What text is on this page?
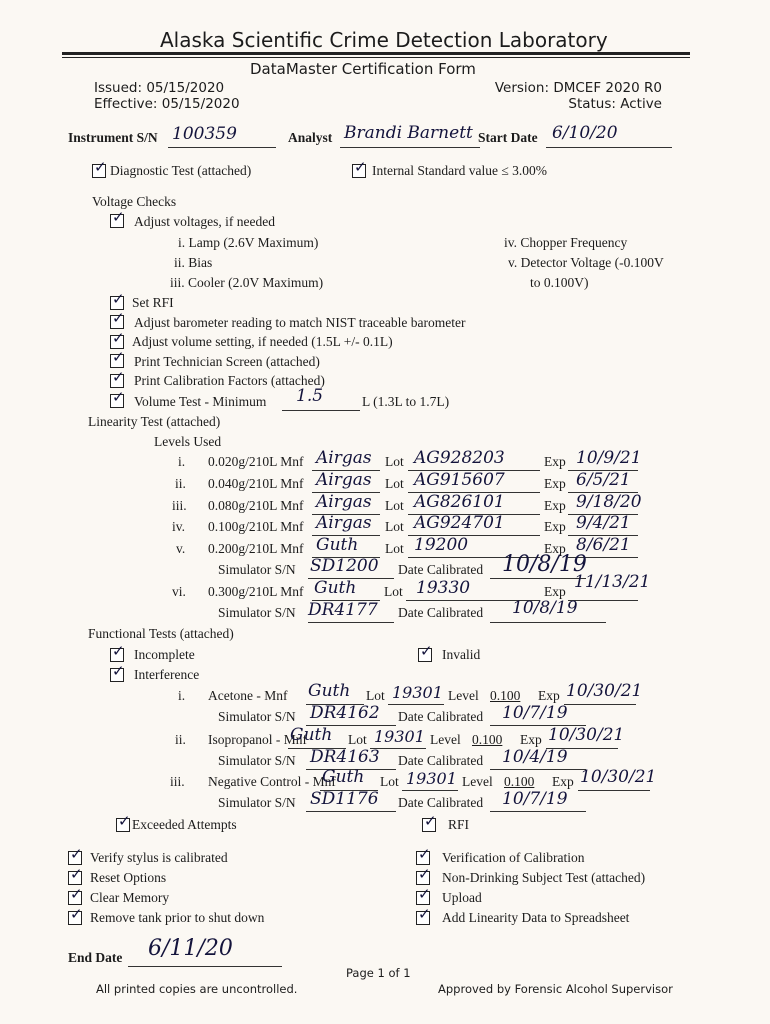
Alaska Scientific Crime Detection Laboratory
DataMaster Certification Form
Issued: 05/15/2020
Effective: 05/15/2020
Version: DMCEF 2020 R0
Status: Active
Instrument S/N 100359	Analyst Brandi Barnett Start Date 6/10/20
✓ Diagnostic Test (attached)	✓ Internal Standard value ≤ 3.00%
Voltage Checks
✓ Adjust voltages, if needed
i. Lamp (2.6V Maximum)
ii. Bias
iii. Cooler (2.0V Maximum)
iv. Chopper Frequency
v. Detector Voltage (-0.100V
to 0.100V)
✓ Set RFI
✓ Adjust barometer reading to match NIST traceable barometer
✓ Adjust volume setting, if needed (1.5L +/- 0.1L)
✓ Print Technician Screen (attached)
✓ Print Calibration Factors (attached)
✓ Volume Test - Minimum 1.5	L (1.3L to 1.7L)
Linearity Test (attached)
Levels Used
i. 0.020g/210L Mnf Airgas Lot AG928203	Exp 10/9/21
ii. 0.040g/210L Mnf Airgas Lot AG915607	Exp 6/5/21
iii. 0.080g/210L Mnf Airgas Lot AG826101	Exp 9/18/20
iv. 0.100g/210L Mnf Airgas Lot AG924701	Exp 9/4/21
v. 0.200g/210L Mnf Guth Lot 19200	Exp 8/6/21
Simulator S/N SD1200 Date Calibrated 10/8/19
vi. 0.300g/210L Mnf Guth Lot 19330	Exp 11/13/21
Simulator S/N DR4177 Date Calibrated 10/8/19
Functional Tests (attached)
✓ Incomplete	✓ Invalid
✓ Interference
i. Acetone - Mnf Guth Lot 19301 Level 0.100 Exp 10/30/21
Simulator S/N DR4162 Date Calibrated 10/7/19
ii. Isopropanol - Mnf
Guth Lot 19301 Level 0.100 Exp 10/30/21
Simulator S/N DR4163 Date Calibrated 10/4/19
iii. Negative Control - Mnf
Guth Lot 19301 Level 0.100 Exp 10/30/21
Simulator S/N SD1176 Date Calibrated 10/7/19
✓ Exceeded Attempts	✓ RFI
✓ Verify stylus is calibrated
✓ Reset Options
✓ Clear Memory
✓ Remove tank prior to shut down
✓ Verification of Calibration
✓ Non-Drinking Subject Test (attached)
✓ Upload
✓ Add Linearity Data to Spreadsheet
End Date 6/11/20
Page 1 of 1
All printed copies are uncontrolled.	Approved by Forensic Alcohol Supervisor
